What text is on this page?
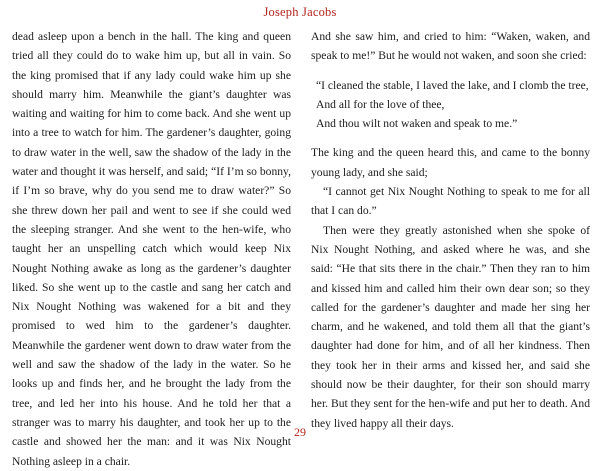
Joseph Jacobs

dead asleep upon a bench in the hall. The king and queen tried all they could do to wake him up, but all in vain. So the king promised that if any lady could wake him up she should marry him. Meanwhile the giant’s daughter was waiting and waiting for him to come back. And she went up into a tree to watch for him. The gardener’s daughter, going to draw water in the well, saw the shadow of the lady in the water and thought it was herself, and said; “If I’m so bonny, if I’m so brave, why do you send me to draw water?” So she threw down her pail and went to see if she could wed the sleeping stranger. And she went to the hen-wife, who taught her an unspelling catch which would keep Nix Nought Nothing awake as long as the gardener’s daughter liked. So she went up to the castle and sang her catch and Nix Nought Nothing was wakened for a bit and they promised to wed him to the gardener’s daughter. Meanwhile the gardener went down to draw water from the well and saw the shadow of the lady in the water. So he looks up and finds her, and he brought the lady from the tree, and led her into his house. And he told her that a stranger was to marry his daughter, and took her up to the castle and showed her the man: and it was Nix Nought Nothing asleep in a chair.

And she saw him, and cried to him: “Waken, waken, and speak to me!” But he would not waken, and soon she cried:

“I cleaned the stable, I laved the lake, and I clomb the tree,
And all for the love of thee,
And thou wilt not waken and speak to me.”

The king and the queen heard this, and came to the bonny young lady, and she said;

“I cannot get Nix Nought Nothing to speak to me for all that I can do.”

Then were they greatly astonished when she spoke of Nix Nought Nothing, and asked where he was, and she said: “He that sits there in the chair.” Then they ran to him and kissed him and called him their own dear son; so they called for the gardener’s daughter and made her sing her charm, and he wakened, and told them all that the giant’s daughter had done for him, and of all her kindness. Then they took her in their arms and kissed her, and said she should now be their daughter, for their son should marry her. But they sent for the hen-wife and put her to death. And they lived happy all their days.

29
